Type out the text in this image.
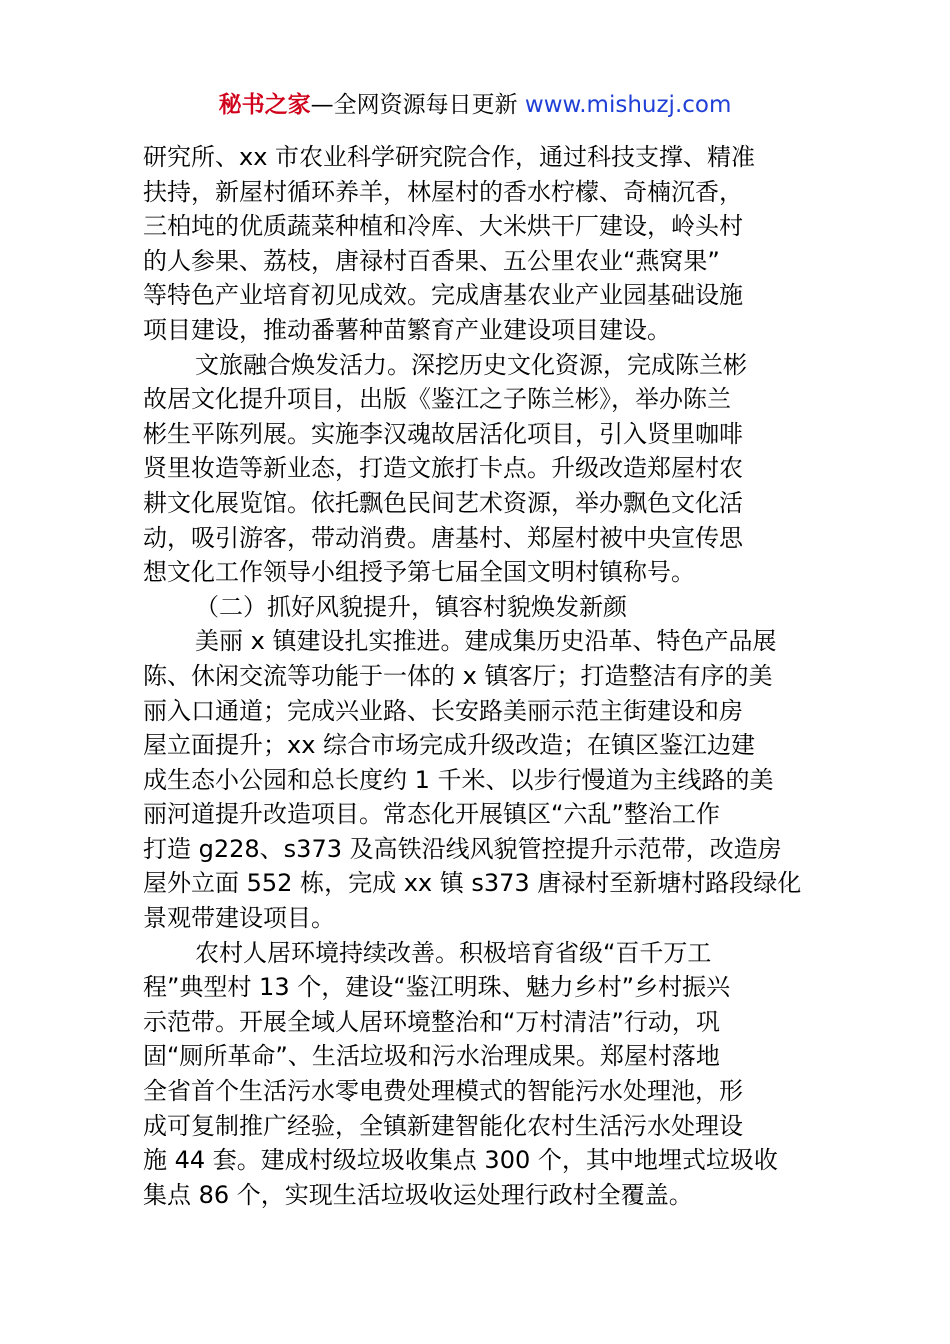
秘书之家—全网资源每日更新 www.mishuzj.com
研究所、xx 市农业科学研究院合作，通过科技支撑、精准
扶持，新屋村循环养羊，林屋村的香水柠檬、奇楠沉香，
三柏坉的优质蔬菜种植和冷库、大米烘干厂建设，岭头村
的人参果、荔枝，唐禄村百香果、五公里农业“燕窝果”
等特色产业培育初见成效。完成唐基农业产业园基础设施
项目建设，推动番薯种苗繁育产业建设项目建设。
文旅融合焕发活力。深挖历史文化资源，完成陈兰彬
故居文化提升项目，出版《鉴江之子陈兰彬》，举办陈兰
彬生平陈列展。实施李汉魂故居活化项目，引入贤里咖啡
贤里妆造等新业态，打造文旅打卡点。升级改造郑屋村农
耕文化展览馆。依托飘色民间艺术资源，举办飘色文化活
动，吸引游客，带动消费。唐基村、郑屋村被中央宣传思
想文化工作领导小组授予第七届全国文明村镇称号。
（二）抓好风貌提升，镇容村貌焕发新颜
美丽 x 镇建设扎实推进。建成集历史沿革、特色产品展
陈、休闲交流等功能于一体的 x 镇客厅；打造整洁有序的美
丽入口通道；完成兴业路、长安路美丽示范主街建设和房
屋立面提升；xx 综合市场完成升级改造；在镇区鉴江边建
成生态小公园和总长度约 1 千米、以步行慢道为主线路的美
丽河道提升改造项目。常态化开展镇区“六乱”整治工作
打造 g228、s373 及高铁沿线风貌管控提升示范带，改造房
屋外立面 552 栋，完成 xx 镇 s373 唐禄村至新塘村路段绿化
景观带建设项目。
农村人居环境持续改善。积极培育省级“百千万工
程”典型村 13 个，建设“鉴江明珠、魅力乡村”乡村振兴
示范带。开展全域人居环境整治和“万村清洁”行动，巩
固“厕所革命”、生活垃圾和污水治理成果。郑屋村落地
全省首个生活污水零电费处理模式的智能污水处理池，形
成可复制推广经验，全镇新建智能化农村生活污水处理设
施 44 套。建成村级垃圾收集点 300 个，其中地埋式垃圾收
集点 86 个，实现生活垃圾收运处理行政村全覆盖。
